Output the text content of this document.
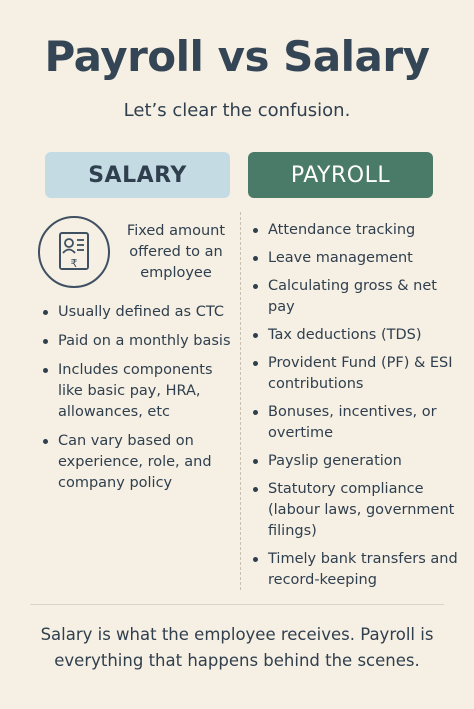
Payroll vs Salary

Let’s clear the confusion.

SALARY	PAYROLL
₹
Fixed amount offered to an employee
Usually defined as CTC
Paid on a monthly basis
Includes components like basic pay, HRA, allowances, etc
Can vary based on experience, role, and company policy
Attendance tracking
Leave management
Calculating gross & net pay
Tax deductions (TDS)
Provident Fund (PF) & ESI contributions
Bonuses, incentives, or overtime
Payslip generation
Statutory compliance (labour laws, government filings)
Timely bank transfers and record-keeping

Salary is what the employee receives. Payroll is everything that happens behind the scenes.
